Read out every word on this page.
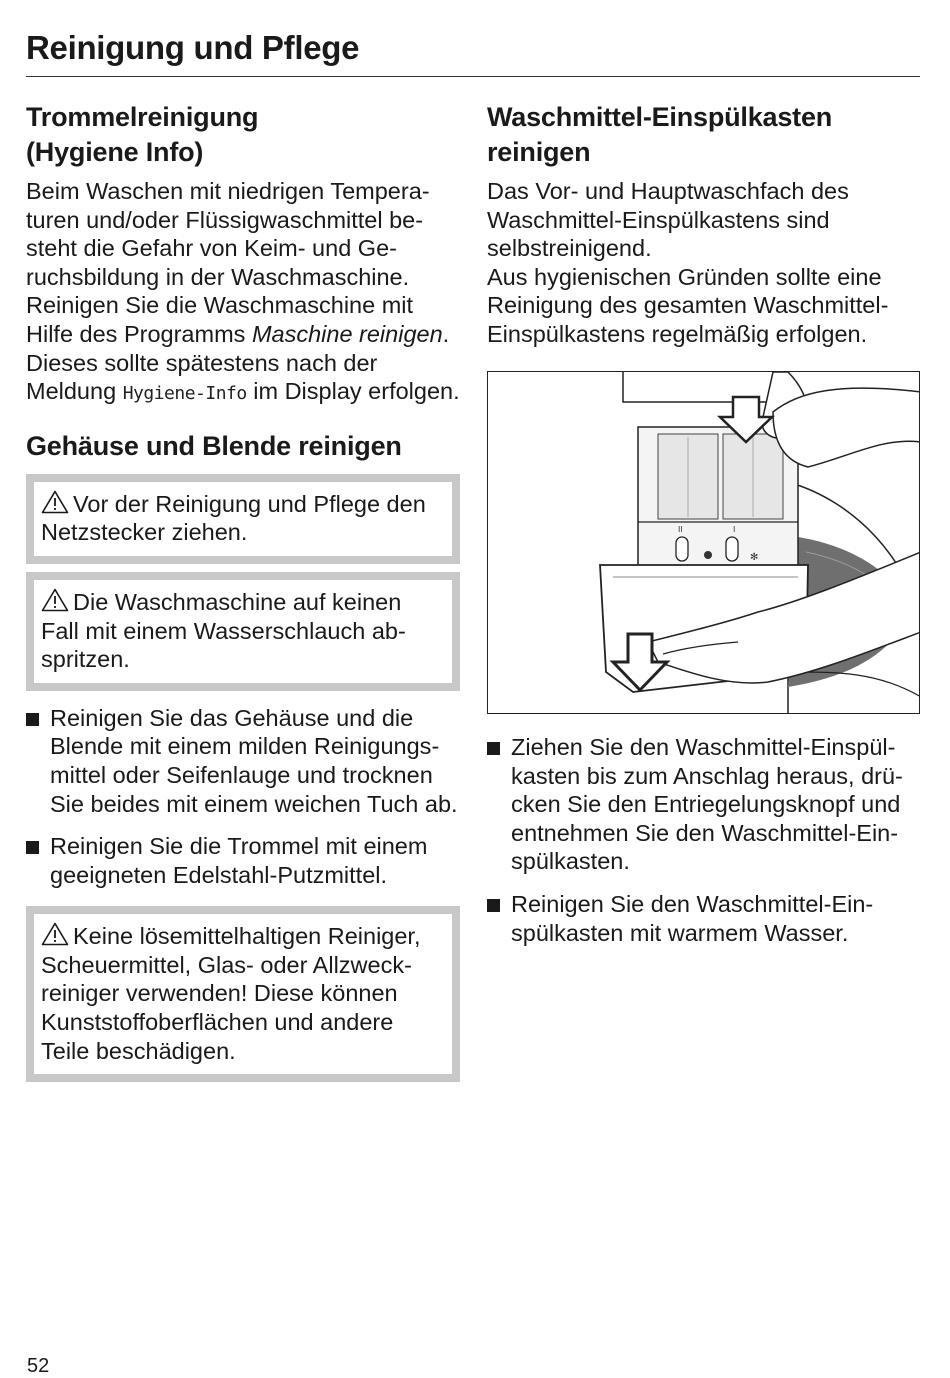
Reinigung und Pflege
Trommelreinigung
(Hygiene Info)

Beim Waschen mit niedrigen Temperaturen und/oder Flüssigwaschmittel besteht die Gefahr von Keim- und Geruchsbildung in der Waschmaschine. Reinigen Sie die Waschmaschine mit Hilfe des Programms Maschine reinigen. Dieses sollte spätestens nach der Meldung Hygiene-Info im Display erfolgen.

Gehäuse und Blende reinigen
Vor der Reinigung und Pflege den Netzstecker ziehen.
Die Waschmaschine auf keinen Fall mit einem Wasserschlauch abspritzen.
Reinigen Sie das Gehäuse und die Blende mit einem milden Reinigungsmittel oder Seifenlauge und trocknen Sie beides mit einem weichen Tuch ab.
Reinigen Sie die Trommel mit einem geeigneten Edelstahl-Putzmittel.
Keine lösemittelhaltigen Reiniger, Scheuermittel, Glas- oder Allzweckreiniger verwenden! Diese können Kunststoffoberflächen und andere Teile beschädigen.
Waschmittel-Einspülkasten
reinigen

Das Vor- und Hauptwaschfach des Waschmittel-Einspülkastens sind selbstreinigend.
Aus hygienischen Gründen sollte eine Reinigung des gesamten Waschmittel-Einspülkastens regelmäßig erfolgen.

II	I
✻
Ziehen Sie den Waschmittel-Einspülkasten bis zum Anschlag heraus, drücken Sie den Entriegelungsknopf und entnehmen Sie den Waschmittel-Einspülkasten.
Reinigen Sie den Waschmittel-Einspülkasten mit warmem Wasser.
52
